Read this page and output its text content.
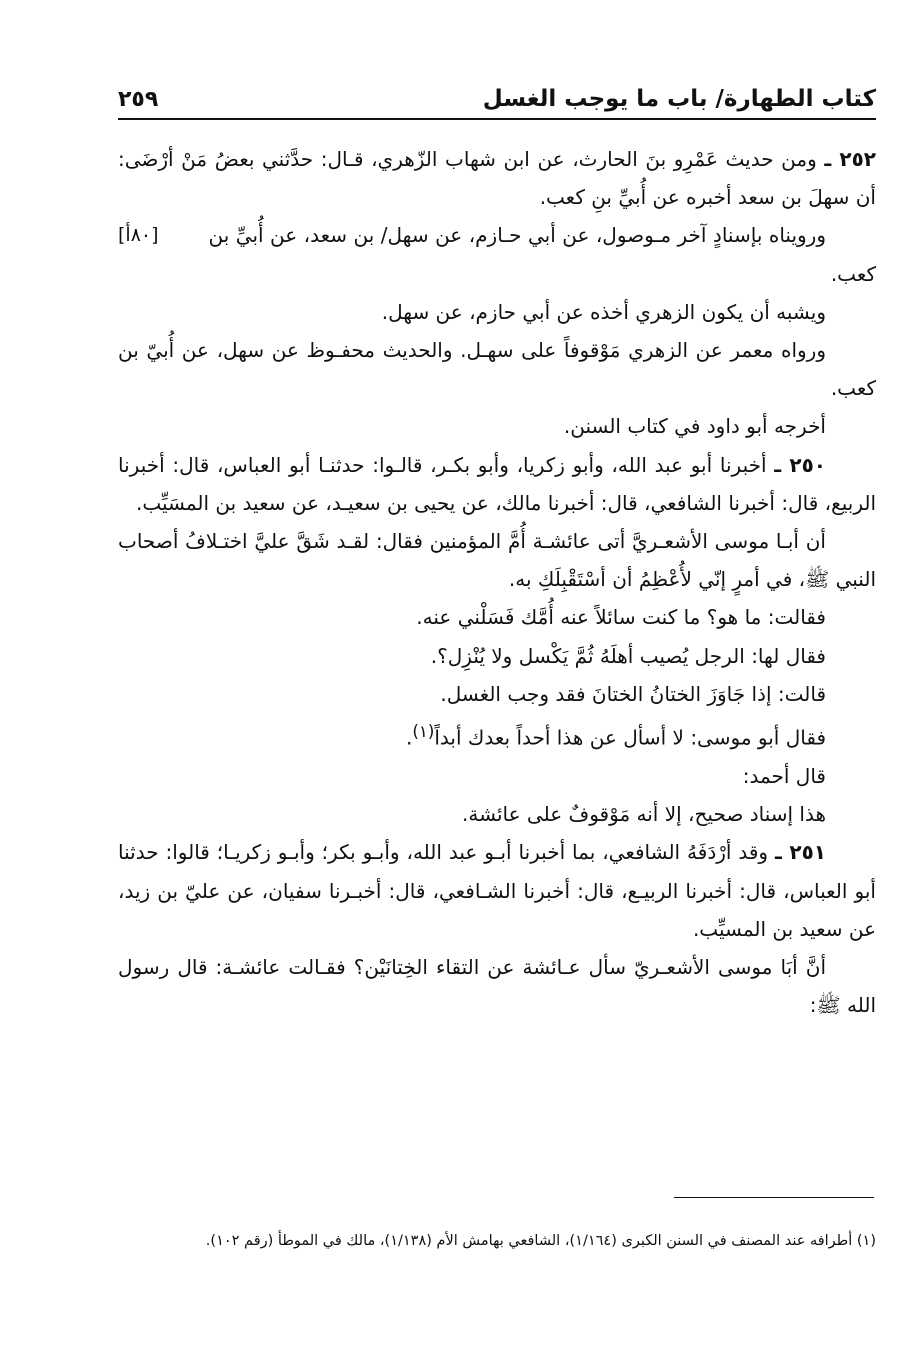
كتاب الطهارة/ باب ما يوجب الغسل
٢٥٩

٢٥٢ ـ ومن حديث عَمْرِو بنَ الحارث، عن ابن شهاب الزّهري، قـال: حدَّثني بعضُ مَنْ أرْضَى: أن سهلَ بن سعد أخبره عن أُبيِّ بنِ كعب.

[٨٠أ]	ورويناه بإسنادٍ آخر مـوصول، عن أبي حـازم، عن سهل/ بن سعد، عن أُبيِّ بن كعب.

ويشبه أن يكون الزهري أخذه عن أبي حازم، عن سهل.

ورواه معمر عن الزهري مَوْقوفاً على سهـل. والحديث محفـوظ عن سهل، عن أُبيّ بن كعب.

أخرجه أبو داود في كتاب السنن.

٢٥٠ ـ أخبرنا أبو عبد الله، وأبو زكريا، وأبو بكـر، قالـوا: حدثنـا أبو العباس، قال: أخبرنا الربيع، قال: أخبرنا الشافعي، قال: أخبرنا مالك، عن يحيى بن سعيـد، عن سعيد بن المسَيِّب.

أن أبـا موسى الأشعـريَّ أتى عائشـة أُمَّ المؤمنين فقال: لقـد شَقَّ عليَّ اختـلافُ أصحاب النبي ﷺ، في أمرٍ إنّي لأُعْظِمُ أن أسْتَقْبِلَكِ به.

فقالت: ما هو؟ ما كنت سائلاً عنه أُمَّك فَسَلْني عنه.

فقال لها: الرجل يُصيب أهلَهُ ثُمَّ يَكْسل ولا يُنْزِل؟.

قالت: إذا جَاوَزَ الختانُ الختانَ فقد وجب الغسل.

فقال أبو موسى: لا أسأل عن هذا أحداً بعدك أبداً$^{(١)}$.

قال أحمد:

هذا إسناد صحيح، إلا أنه مَوْقوفٌ على عائشة.

٢٥١ ـ وقد أرْدَفَهُ الشافعي، بما أخبرنا أبـو عبد الله، وأبـو بكر؛ وأبـو زكريـا؛ قالوا: حدثنا أبو العباس، قال: أخبرنا الربيـع، قال: أخبرنا الشـافعي، قال: أخبـرنا سفيان، عن عليّ بن زيد، عن سعيد بن المسيِّب.

أنَّ أبَا موسى الأشعـريّ سأل عـائشة عن التقاء الخِتانَيْن؟ فقـالت عائشـة: قال رسول الله ﷺ:

(١) أطرافه عند المصنف في السنن الكبرى (١/١٦٤)، الشافعي بهامش الأم (١/١٣٨)، مالك في الموطأ (رقم ١٠٢).
